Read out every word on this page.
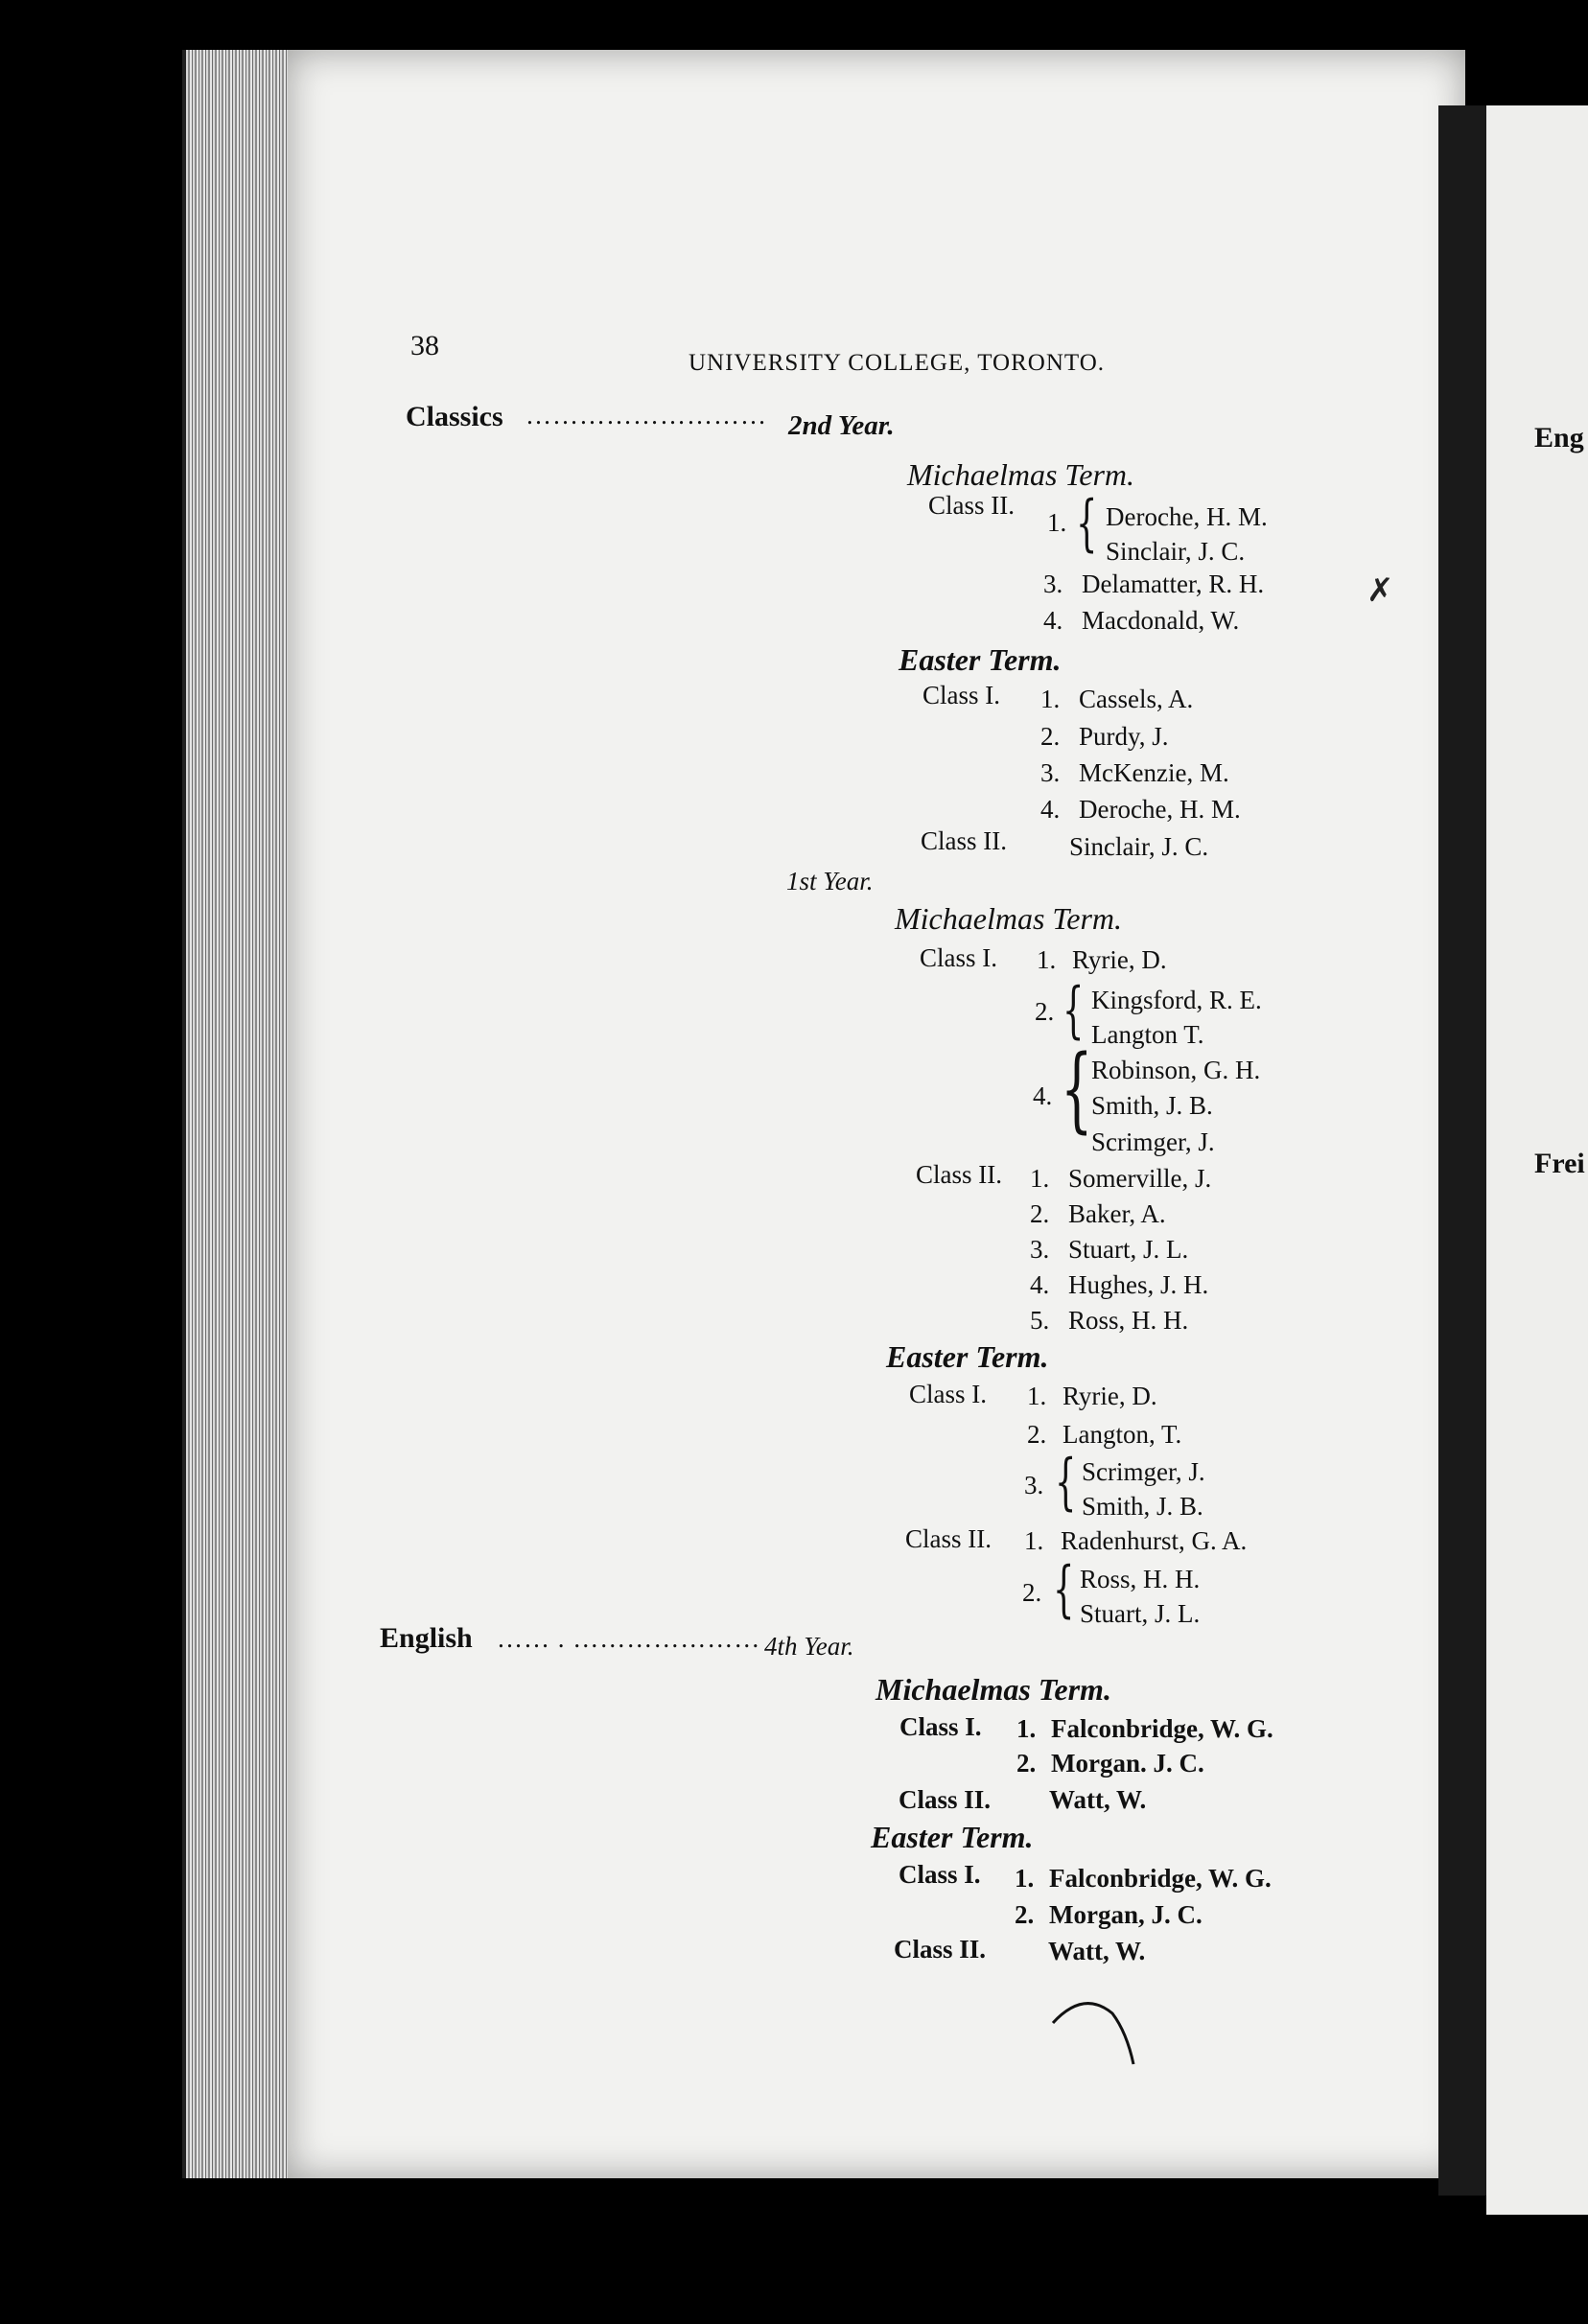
Eng
Frei
38
UNIVERSITY COLLEGE, TORONTO.
Classics ……………………… 2nd Year.
Michaelmas Term.
Class II.
1. { Deroche, H. M.
Sinclair, J. C.
3. Delamatter, R. H.
4. Macdonald, W.
Easter Term.
Class I. 1. Cassels, A.
2. Purdy, J.
3. McKenzie, M.
4. Deroche, H. M.
Class II. Sinclair, J. C.
1st Year.
Michaelmas Term.
Class I. 1. Ryrie, D.
2. { Kingsford, R. E.
Langton T.
4. {
Robinson, G. H.
Smith, J. B.
Scrimger, J.
Class II. 1. Somerville, J.
2. Baker, A.
3. Stuart, J. L.
4. Hughes, J. H.
5. Ross, H. H.
Easter Term.
Class I. 1. Ryrie, D.
2. Langton, T.
3. { Scrimger, J.
Smith, J. B.
Class II. 1. Radenhurst, G. A.
2. { Ross, H. H.
Stuart, J. L.
English …… . ………………… 4th Year.
Michaelmas Term.
Class I. 1. Falconbridge, W. G.
2. Morgan. J. C.
Class II. Watt, W.
Easter Term.
Class I. 1. Falconbridge, W. G.
2. Morgan, J. C.
Class II. Watt, W.
✗
